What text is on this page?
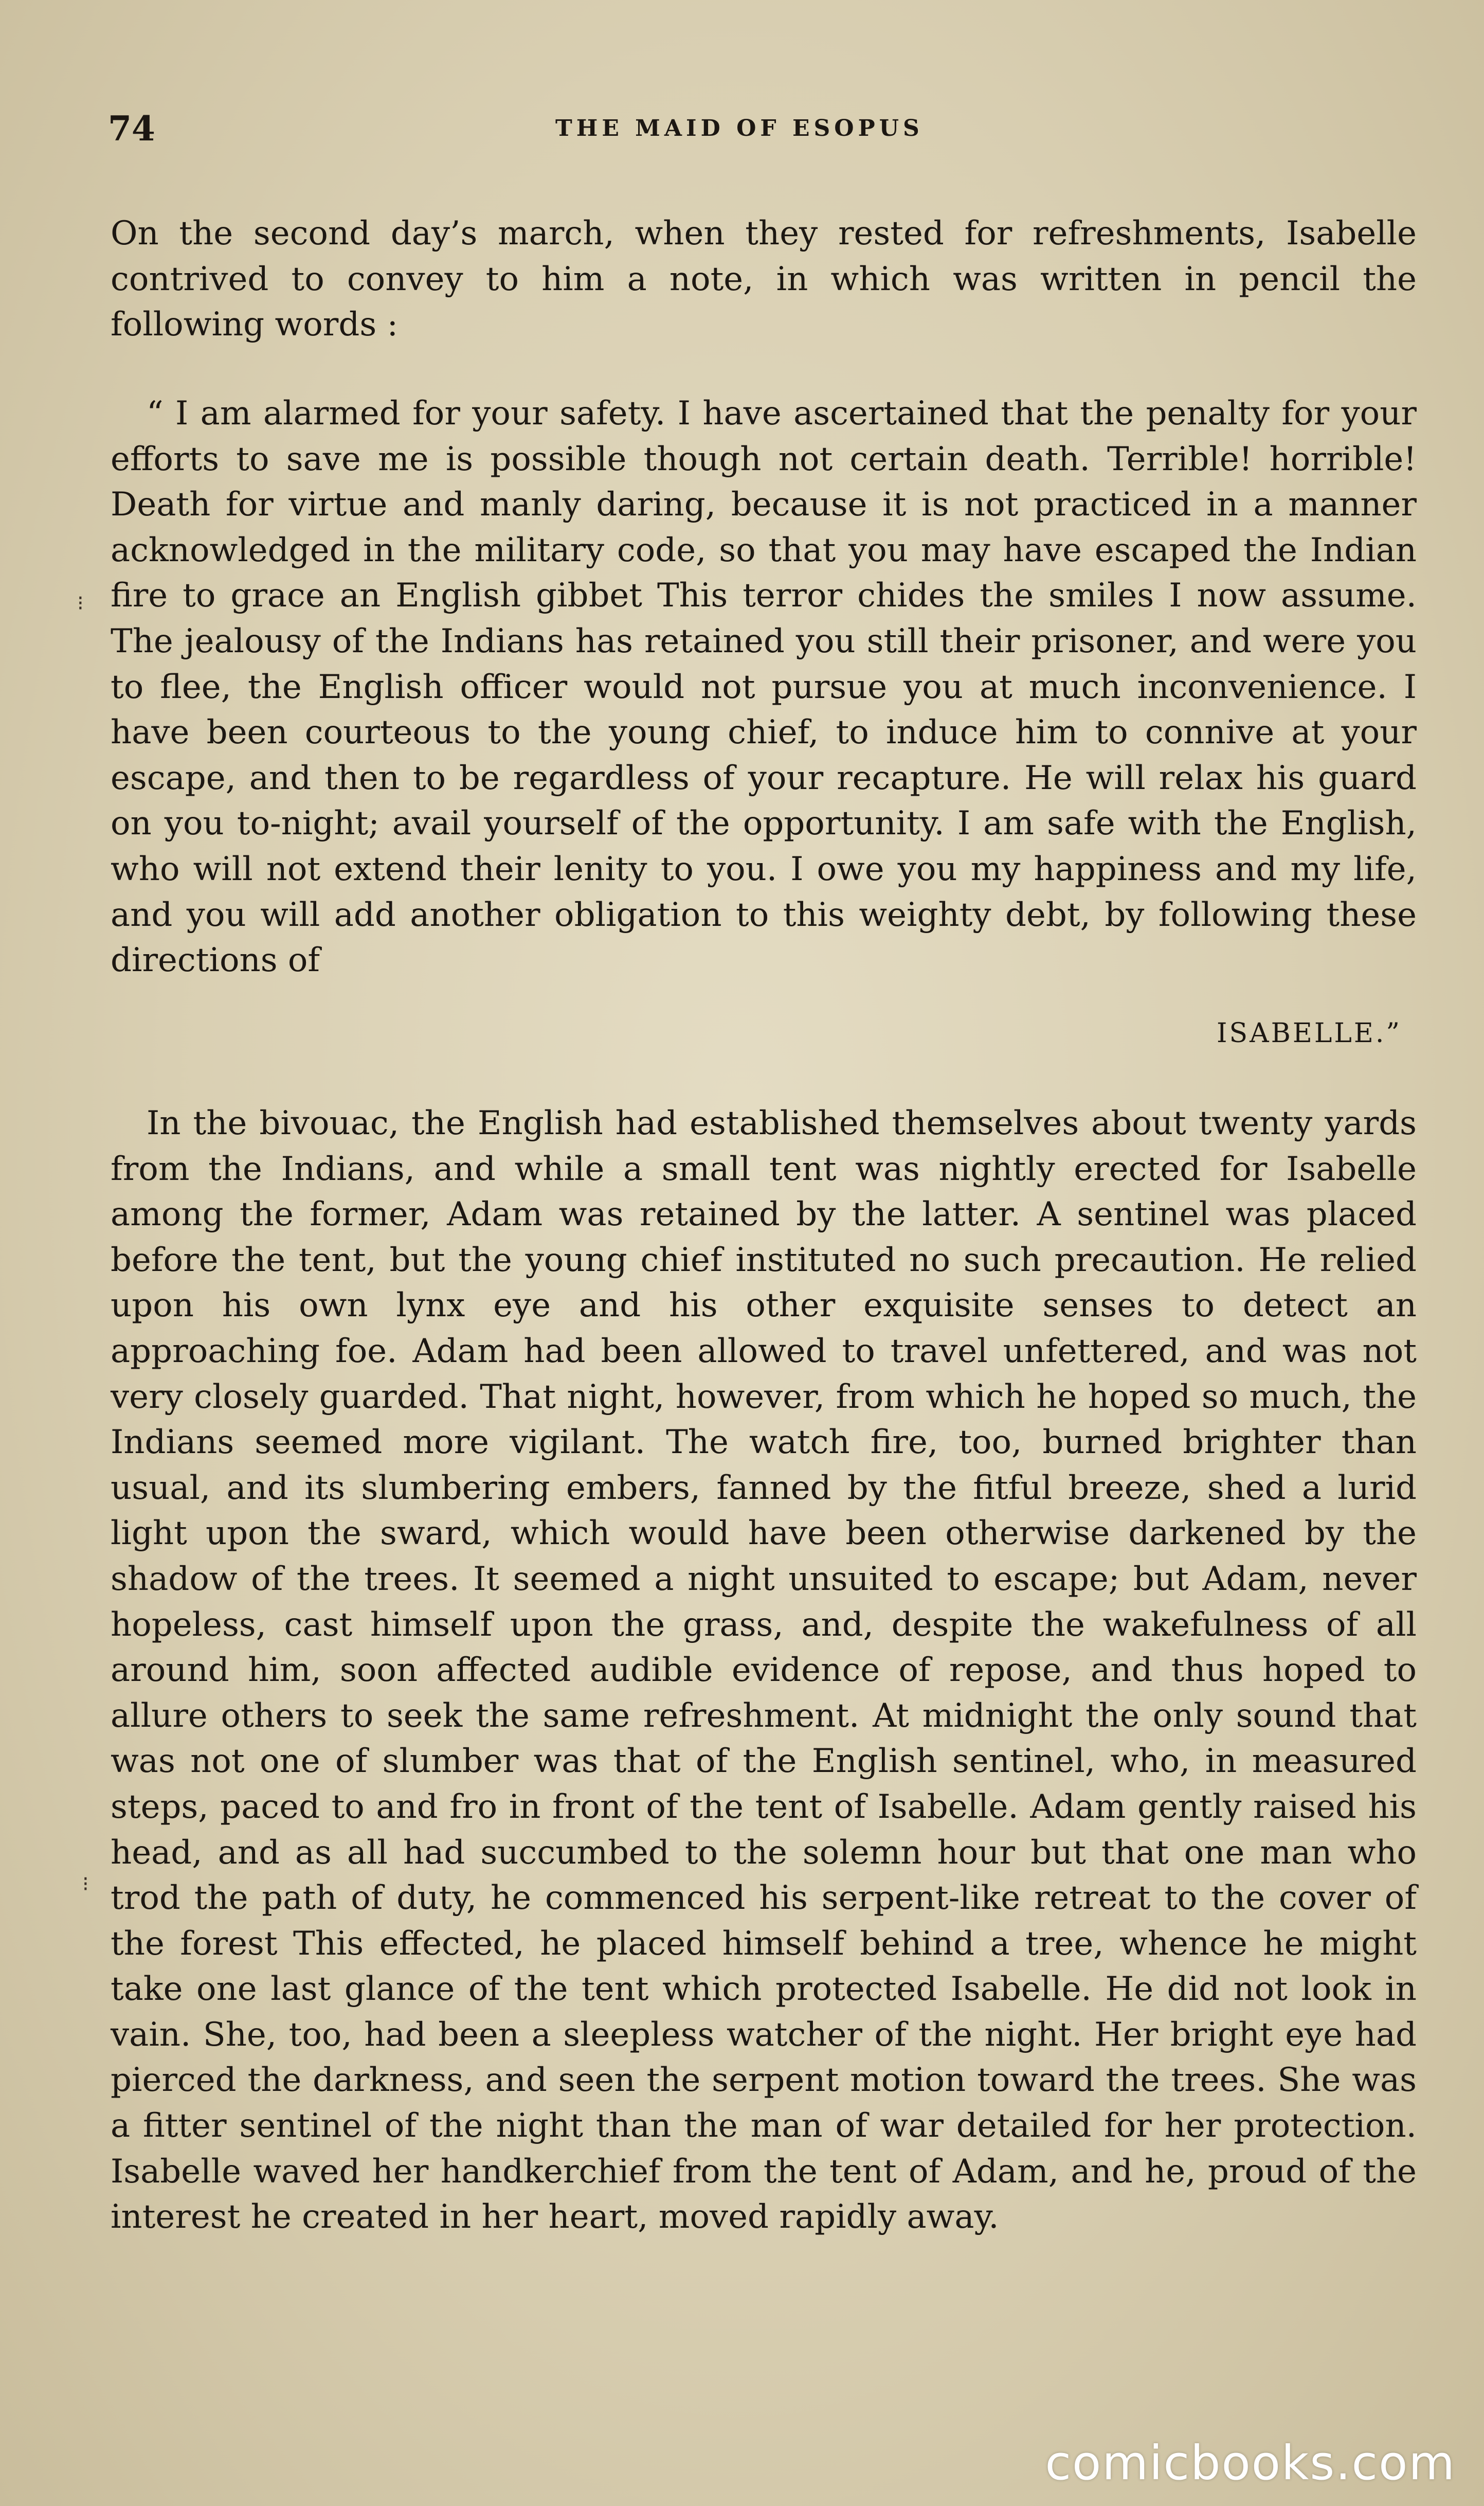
74	THE MAID OF ESOPUS

On the second day’s march, when they rested for refreshments, Isabelle contrived to convey to him a note, in which was written in pencil the following words :

“ I am alarmed for your safety. I have ascertained that the penalty for your efforts to save me is possible though not certain death. Terrible! horrible! Death for virtue and manly daring, because it is not practiced in a manner acknowledged in the military code, so that you may have escaped the Indian fire to grace an English gibbet This terror chides the smiles I now assume. The jealousy of the Indians has retained you still their prisoner, and were you to flee, the English officer would not pursue you at much inconvenience. I have been courteous to the young chief, to induce him to connive at your escape, and then to be regardless of your recapture. He will relax his guard on you to-night; avail yourself of the opportunity. I am safe with the English, who will not extend their lenity to you. I owe you my happiness and my life, and you will add another obligation to this weighty debt, by following these directions of

ISABELLE.”

In the bivouac, the English had established themselves about twenty yards from the Indians, and while a small tent was nightly erected for Isabelle among the former, Adam was retained by the latter. A sentinel was placed before the tent, but the young chief instituted no such precaution. He relied upon his own lynx eye and his other exquisite senses to detect an approaching foe. Adam had been allowed to travel unfettered, and was not very closely guarded. That night, however, from which he hoped so much, the Indians seemed more vigilant. The watch fire, too, burned brighter than usual, and its slumbering embers, fanned by the fitful breeze, shed a lurid light upon the sward, which would have been otherwise darkened by the shadow of the trees. It seemed a night unsuited to escape; but Adam, never hopeless, cast himself upon the grass, and, despite the wakefulness of all around him, soon affected audible evidence of repose, and thus hoped to allure others to seek the same refreshment. At midnight the only sound that was not one of slumber was that of the English sentinel, who, in measured steps, paced to and fro in front of the tent of Isabelle. Adam gently raised his head, and as all had succumbed to the solemn hour but that one man who trod the path of duty, he commenced his serpent-like retreat to the cover of the forest This effected, he placed himself behind a tree, whence he might take one last glance of the tent which protected Isabelle. He did not look in vain. She, too, had been a sleepless watcher of the night. Her bright eye had pierced the darkness, and seen the serpent motion toward the trees. She was a fitter sentinel of the night than the man of war detailed for her protection. Isabelle waved her handkerchief from the tent of Adam, and he, proud of the interest he created in her heart, moved rapidly away.

⁝
⁝
comicbooks.com
